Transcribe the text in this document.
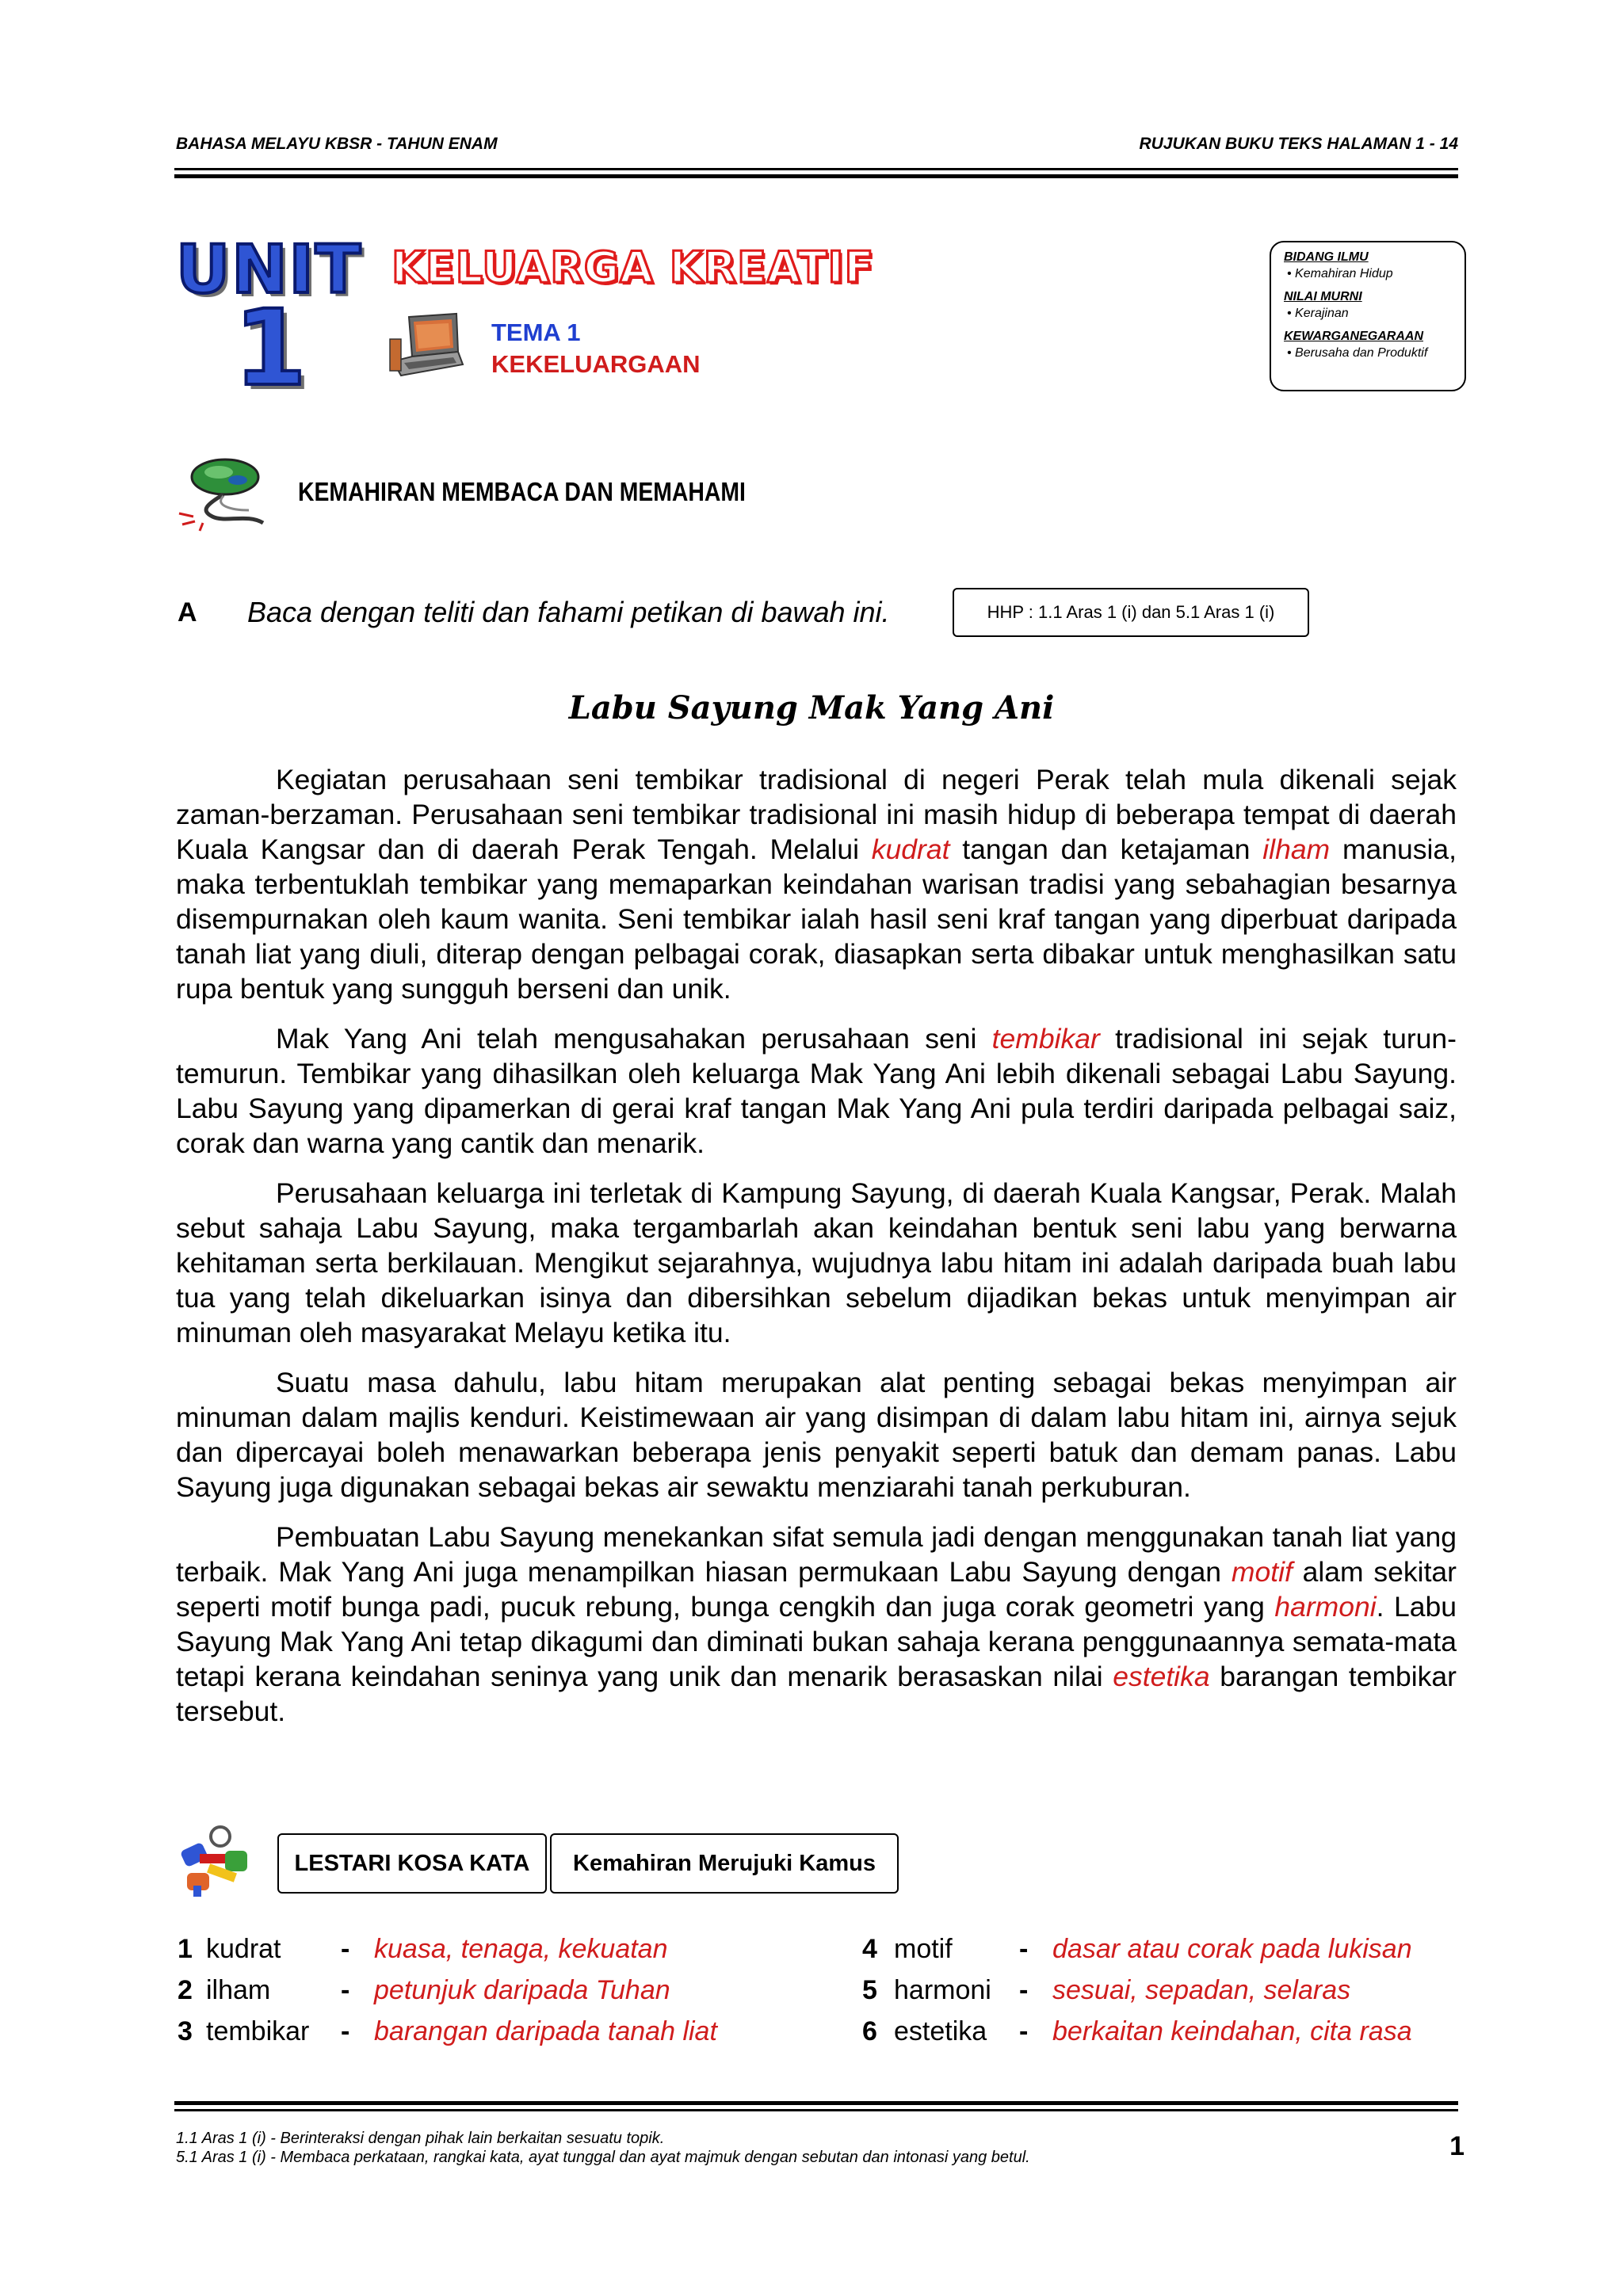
BAHASA MELAYU KBSR - TAHUN ENAM	RUJUKAN BUKU TEKS HALAMAN 1 - 14
UNIT
1
KELUARGA KREATIF
TEMA 1
KEKELUARGAAN
BIDANG ILMU
• Kemahiran Hidup
NILAI MURNI
• Kerajinan
KEWARGANEGARAAN
• Berusaha dan Produktif
KEMAHIRAN MEMBACA DAN MEMAHAMI
A Baca dengan teliti dan fahami petikan di bawah ini.	HHP : 1.1 Aras 1 (i) dan 5.1 Aras 1 (i)
Labu Sayung Mak Yang Ani

Kegiatan perusahaan seni tembikar tradisional di negeri Perak telah mula dikenali sejak zaman-berzaman. Perusahaan seni tembikar tradisional ini masih hidup di beberapa tempat di daerah Kuala Kangsar dan di daerah Perak Tengah. Melalui kudrat tangan dan ketajaman ilham manusia, maka terbentuklah tembikar yang memaparkan keindahan warisan tradisi yang sebahagian besarnya disempurnakan oleh kaum wanita. Seni tembikar ialah hasil seni kraf tangan yang diperbuat daripada tanah liat yang diuli, diterap dengan pelbagai corak, diasapkan serta dibakar untuk menghasilkan satu rupa bentuk yang sungguh berseni dan unik.

Mak Yang Ani telah mengusahakan perusahaan seni tembikar tradisional ini sejak turun-temurun. Tembikar yang dihasilkan oleh keluarga Mak Yang Ani lebih dikenali sebagai Labu Sayung. Labu Sayung yang dipamerkan di gerai kraf tangan Mak Yang Ani pula terdiri daripada pelbagai saiz, corak dan warna yang cantik dan menarik.

Perusahaan keluarga ini terletak di Kampung Sayung, di daerah Kuala Kangsar, Perak. Malah sebut sahaja Labu Sayung, maka tergambarlah akan keindahan bentuk seni labu yang berwarna kehitaman serta berkilauan. Mengikut sejarahnya, wujudnya labu hitam ini adalah daripada buah labu tua yang telah dikeluarkan isinya dan dibersihkan sebelum dijadikan bekas untuk menyimpan air minuman oleh masyarakat Melayu ketika itu.

Suatu masa dahulu, labu hitam merupakan alat penting sebagai bekas menyimpan air minuman dalam majlis kenduri. Keistimewaan air yang disimpan di dalam labu hitam ini, airnya sejuk dan dipercayai boleh menawarkan beberapa jenis penyakit seperti batuk dan demam panas. Labu Sayung juga digunakan sebagai bekas air sewaktu menziarahi tanah perkuburan.

Pembuatan Labu Sayung menekankan sifat semula jadi dengan menggunakan tanah liat yang terbaik. Mak Yang Ani juga menampilkan hiasan permukaan Labu Sayung dengan motif alam sekitar seperti motif bunga padi, pucuk rebung, bunga cengkih dan juga corak geometri yang harmoni. Labu Sayung Mak Yang Ani tetap dikagumi dan diminati bukan sahaja kerana penggunaannya semata-mata tetapi kerana keindahan seninya yang unik dan menarik berasaskan nilai estetika barangan tembikar tersebut.

LESTARI KOSA KATA	Kemahiran Merujuki Kamus
1 kudrat - kuasa, tenaga, kekuatan
2 ilham	- petunjuk daripada Tuhan
3 tembikar - barangan daripada tanah liat
4 motif - dasar atau corak pada lukisan
5 harmoni - sesuai, sepadan, selaras
6 estetika - berkaitan keindahan, cita rasa
1.1 Aras 1 (i) - Berinteraksi dengan pihak lain berkaitan sesuatu topik.
5.1 Aras 1 (i) - Membaca perkataan, rangkai kata, ayat tunggal dan ayat majmuk dengan sebutan dan intonasi yang betul.	1
